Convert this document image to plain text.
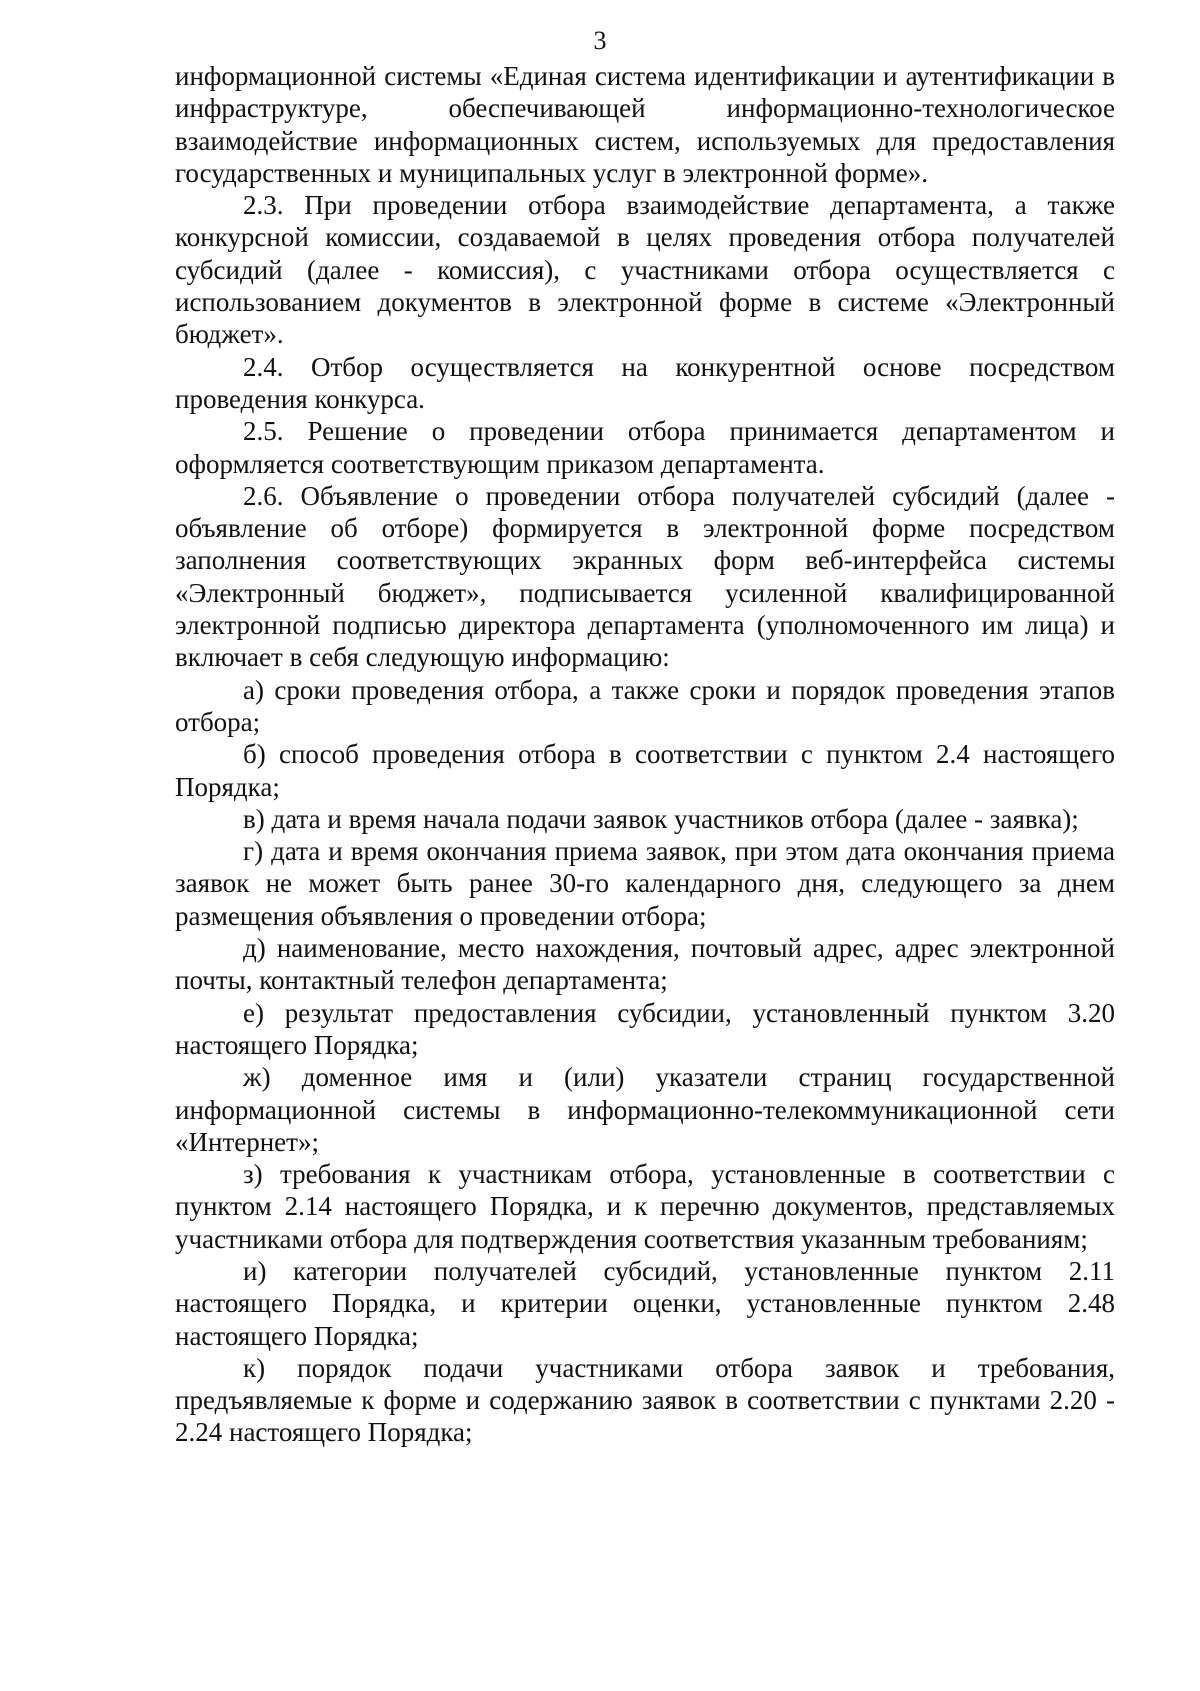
3

информационной системы «Единая система идентификации и аутентификации в инфраструктуре, обеспечивающей информационно-технологическое взаимодействие информационных систем, используемых для предоставления государственных и муниципальных услуг в электронной форме».

2.3. При проведении отбора взаимодействие департамента, а также конкурсной комиссии, создаваемой в целях проведения отбора получателей субсидий (далее - комиссия), с участниками отбора осуществляется с использованием документов в электронной форме в системе «Электронный бюджет».

2.4. Отбор осуществляется на конкурентной основе посредством проведения конкурса.

2.5. Решение о проведении отбора принимается департаментом и оформляется соответствующим приказом департамента.

2.6. Объявление о проведении отбора получателей субсидий (далее - объявление об отборе) формируется в электронной форме посредством заполнения соответствующих экранных форм веб-интерфейса системы «Электронный бюджет», подписывается усиленной квалифицированной электронной подписью директора департамента (уполномоченного им лица) и включает в себя следующую информацию:

а) сроки проведения отбора, а также сроки и порядок проведения этапов отбора;

б) способ проведения отбора в соответствии с пунктом 2.4 настоящего Порядка;

в) дата и время начала подачи заявок участников отбора (далее - заявка);

г) дата и время окончания приема заявок, при этом дата окончания приема заявок не может быть ранее 30-го календарного дня, следующего за днем размещения объявления о проведении отбора;

д) наименование, место нахождения, почтовый адрес, адрес электронной почты, контактный телефон департамента;

е) результат предоставления субсидии, установленный пунктом 3.20 настоящего Порядка;

ж) доменное имя и (или) указатели страниц государственной информационной системы в информационно-телекоммуникационной сети «Интернет»;

з) требования к участникам отбора, установленные в соответствии с пунктом 2.14 настоящего Порядка, и к перечню документов, представляемых участниками отбора для подтверждения соответствия указанным требованиям;

и) категории получателей субсидий, установленные пунктом 2.11 настоящего Порядка, и критерии оценки, установленные пунктом 2.48 настоящего Порядка;

к) порядок подачи участниками отбора заявок и требования, предъявляемые к форме и содержанию заявок в соответствии с пунктами 2.20 - 2.24 настоящего Порядка;
